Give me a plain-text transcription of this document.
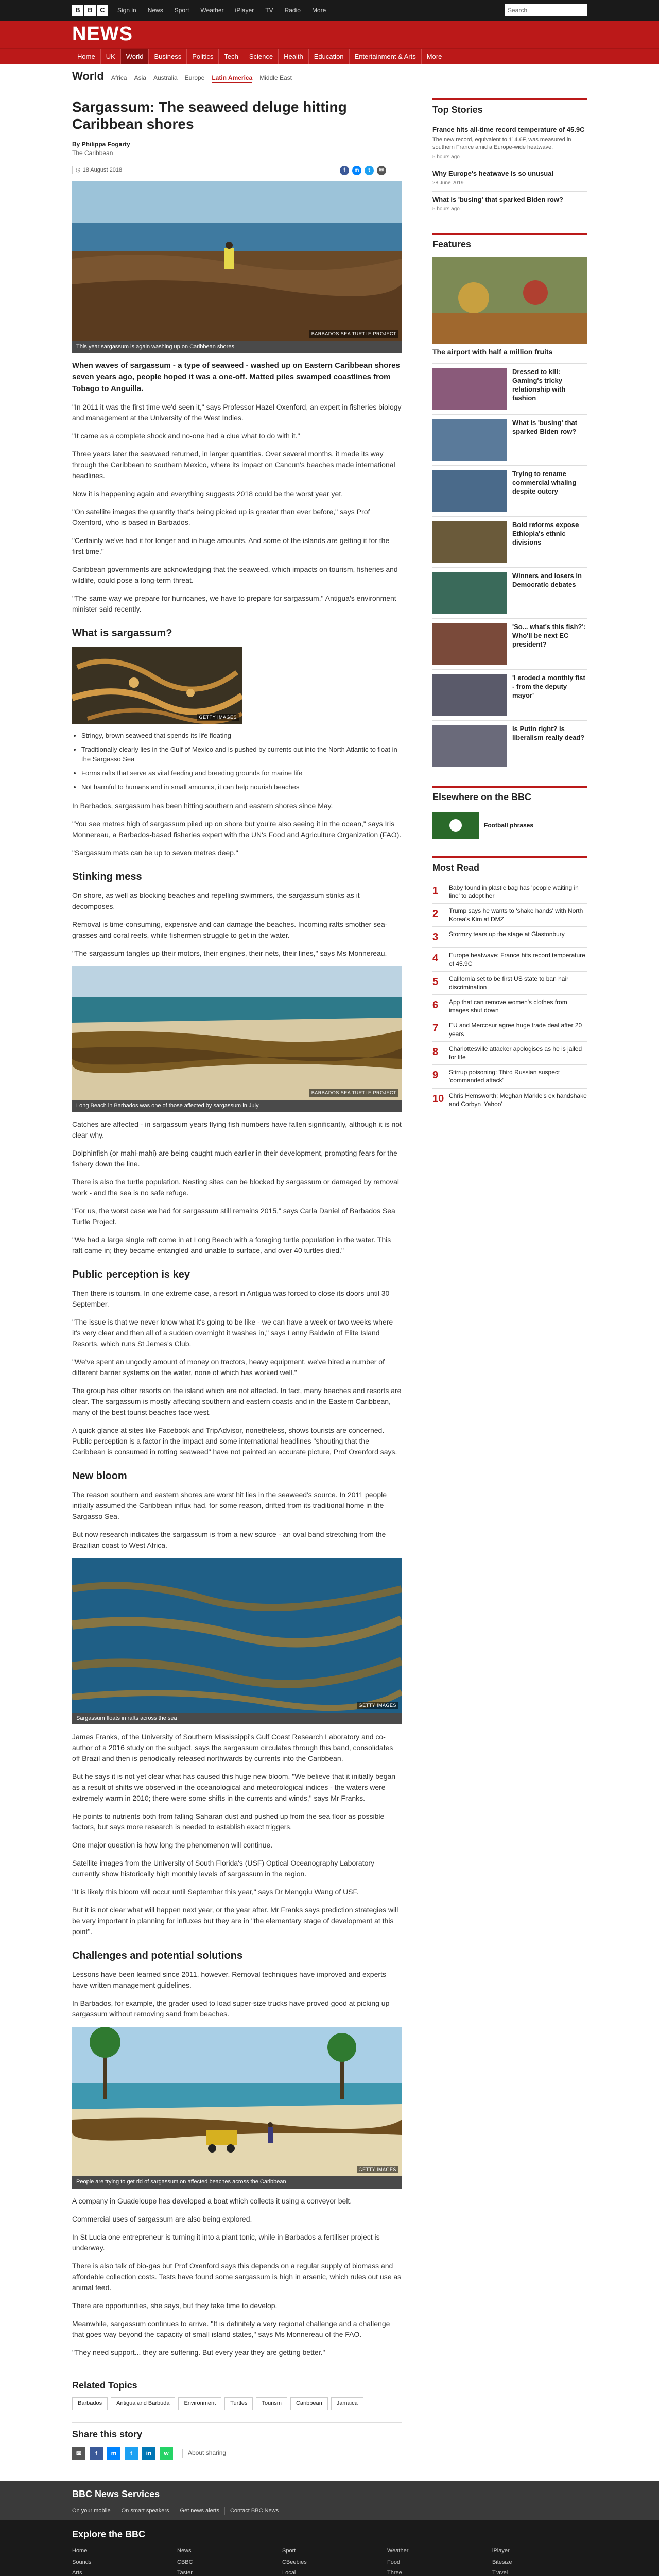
B	B	C	Sign in	News	Sport	Weather	iPlayer	TV	Radio	More
Search
NEWS
Home	UK	World	Business	Politics	Tech	Science	Health	Education	Entertainment & Arts	More
World Africa Asia Australia Europe Latin America Middle East
Sargassum: The seaweed deluge hitting Caribbean shores
By Philippa Fogarty
The Caribbean
◷ 18 August 2018	f	m	t	✉	Share
BARBADOS SEA TURTLE PROJECT
This year sargassum is again washing up on Caribbean shores

When waves of sargassum - a type of seaweed - washed up on Eastern Caribbean shores seven years ago, people hoped it was a one-off. Matted piles swamped coastlines from Tobago to Anguilla.

"In 2011 it was the first time we'd seen it," says Professor Hazel Oxenford, an expert in fisheries biology and management at the University of the West Indies.

"It came as a complete shock and no-one had a clue what to do with it."

Three years later the seaweed returned, in larger quantities. Over several months, it made its way through the Caribbean to southern Mexico, where its impact on Cancun's beaches made international headlines.

Now it is happening again and everything suggests 2018 could be the worst year yet.

"On satellite images the quantity that's being picked up is greater than ever before," says Prof Oxenford, who is based in Barbados.

"Certainly we've had it for longer and in huge amounts. And some of the islands are getting it for the first time."

Caribbean governments are acknowledging that the seaweed, which impacts on tourism, fisheries and wildlife, could pose a long-term threat.

"The same way we prepare for hurricanes, we have to prepare for sargassum," Antigua's environment minister said recently.

What is sargassum?
GETTY IMAGES
• Stringy, brown seaweed that spends its life floating
• Traditionally clearly lies in the Gulf of Mexico and is pushed by currents out into the North Atlantic to float in the Sargasso Sea
• Forms rafts that serve as vital feeding and breeding grounds for marine life
• Not harmful to humans and in small amounts, it can help nourish beaches

In Barbados, sargassum has been hitting southern and eastern shores since May.

"You see metres high of sargassum piled up on shore but you're also seeing it in the ocean," says Iris Monnereau, a Barbados-based fisheries expert with the UN's Food and Agriculture Organization (FAO).

"Sargassum mats can be up to seven metres deep."

Stinking mess

On shore, as well as blocking beaches and repelling swimmers, the sargassum stinks as it decomposes.

Removal is time-consuming, expensive and can damage the beaches. Incoming rafts smother sea-grasses and coral reefs, while fishermen struggle to get in the water.

"The sargassum tangles up their motors, their engines, their nets, their lines," says Ms Monnereau.

BARBADOS SEA TURTLE PROJECT
Long Beach in Barbados was one of those affected by sargassum in July

Catches are affected - in sargassum years flying fish numbers have fallen significantly, although it is not clear why.

Dolphinfish (or mahi-mahi) are being caught much earlier in their development, prompting fears for the fishery down the line.

There is also the turtle population. Nesting sites can be blocked by sargassum or damaged by removal work - and the sea is no safe refuge.

"For us, the worst case we had for sargassum still remains 2015," says Carla Daniel of Barbados Sea Turtle Project.

"We had a large single raft come in at Long Beach with a foraging turtle population in the water. This raft came in; they became entangled and unable to surface, and over 40 turtles died."

Public perception is key

Then there is tourism. In one extreme case, a resort in Antigua was forced to close its doors until 30 September.

"The issue is that we never know what it's going to be like - we can have a week or two weeks where it's very clear and then all of a sudden overnight it washes in," says Lenny Baldwin of Elite Island Resorts, which runs St Jemes's Club.

"We've spent an ungodly amount of money on tractors, heavy equipment, we've hired a number of different barrier systems on the water, none of which has worked well."

The group has other resorts on the island which are not affected. In fact, many beaches and resorts are clear. The sargassum is mostly affecting southern and eastern coasts and in the Eastern Caribbean, many of the best tourist beaches face west.

A quick glance at sites like Facebook and TripAdvisor, nonetheless, shows tourists are concerned. Public perception is a factor in the impact and some international headlines "shouting that the Caribbean is consumed in rotting seaweed" have not painted an accurate picture, Prof Oxenford says.

New bloom

The reason southern and eastern shores are worst hit lies in the seaweed's source. In 2011 people initially assumed the Caribbean influx had, for some reason, drifted from its traditional home in the Sargasso Sea.

But now research indicates the sargassum is from a new source - an oval band stretching from the Brazilian coast to West Africa.

GETTY IMAGES
Sargassum floats in rafts across the sea

James Franks, of the University of Southern Mississippi's Gulf Coast Research Laboratory and co-author of a 2016 study on the subject, says the sargassum circulates through this band, consolidates off Brazil and then is periodically released northwards by currents into the Caribbean.

But he says it is not yet clear what has caused this huge new bloom. "We believe that it initially began as a result of shifts we observed in the oceanological and meteorological indices - the waters were extremely warm in 2010; there were some shifts in the currents and winds," says Mr Franks.

He points to nutrients both from falling Saharan dust and pushed up from the sea floor as possible factors, but says more research is needed to establish exact triggers.

One major question is how long the phenomenon will continue.

Satellite images from the University of South Florida's (USF) Optical Oceanography Laboratory currently show historically high monthly levels of sargassum in the region.

"It is likely this bloom will occur until September this year," says Dr Mengqiu Wang of USF.

But it is not clear what will happen next year, or the year after. Mr Franks says prediction strategies will be very important in planning for influxes but they are in "the elementary stage of development at this point".

Challenges and potential solutions

Lessons have been learned since 2011, however. Removal techniques have improved and experts have written management guidelines.

In Barbados, for example, the grader used to load super-size trucks have proved good at picking up sargassum without removing sand from beaches.

GETTY IMAGES
People are trying to get rid of sargassum on affected beaches across the Caribbean

A company in Guadeloupe has developed a boat which collects it using a conveyor belt.

Commercial uses of sargassum are also being explored.

In St Lucia one entrepreneur is turning it into a plant tonic, while in Barbados a fertiliser project is underway.

There is also talk of bio-gas but Prof Oxenford says this depends on a regular supply of biomass and affordable collection costs. Tests have found some sargassum is high in arsenic, which rules out use as animal feed.

There are opportunities, she says, but they take time to develop.

Meanwhile, sargassum continues to arrive. "It is definitely a very regional challenge and a challenge that goes way beyond the capacity of small island states," says Ms Monnereau of the FAO.

"They need support... they are suffering. But every year they are getting better."

Related Topics
Barbados	Antigua and Barbuda	Environment	Turtles	Tourism	Caribbean	Jamaica
Share this story
✉	f	m	t	in	w	About sharing
Top Stories
France hits all-time record temperature of 45.9C
The new record, equivalent to 114.6F, was measured in southern France amid a Europe-wide heatwave.
5 hours ago
Why Europe's heatwave is so unusual
28 June 2019
What is 'busing' that sparked Biden row?
5 hours ago
Features
The airport with half a million fruits
Dressed to kill: Gaming's tricky relationship with fashion
What is 'busing' that sparked Biden row?
Trying to rename commercial whaling despite outcry
Bold reforms expose Ethiopia's ethnic divisions
Winners and losers in Democratic debates
'So... what's this fish?': Who'll be next EC president?
'I eroded a monthly fist - from the deputy mayor'
Is Putin right? Is liberalism really dead?
Elsewhere on the BBC
Football phrases
Most Read
1	Baby found in plastic bag has 'people waiting in line' to adopt her
2	Trump says he wants to 'shake hands' with North Korea's Kim at DMZ
3	Stormzy tears up the stage at Glastonbury
4	Europe heatwave: France hits record temperature of 45.9C
5	California set to be first US state to ban hair discrimination
6	App that can remove women's clothes from images shut down
7	EU and Mercosur agree huge trade deal after 20 years
8	Charlottesville attacker apologises as he is jailed for life
9	Stirrup poisoning: Third Russian suspect 'commanded attack'
10 Chris Hemsworth: Meghan Markle's ex handshake and Corbyn 'Yahoo'
BBC News Services
On your mobile	On smart speakers	Get news alerts	Contact BBC News
Explore the BBC
Home	News	Sport	Weather	iPlayer
Sounds	CBBC	CBeebies	Food	Bitesize
Arts	Taster	Local	Three	Travel
